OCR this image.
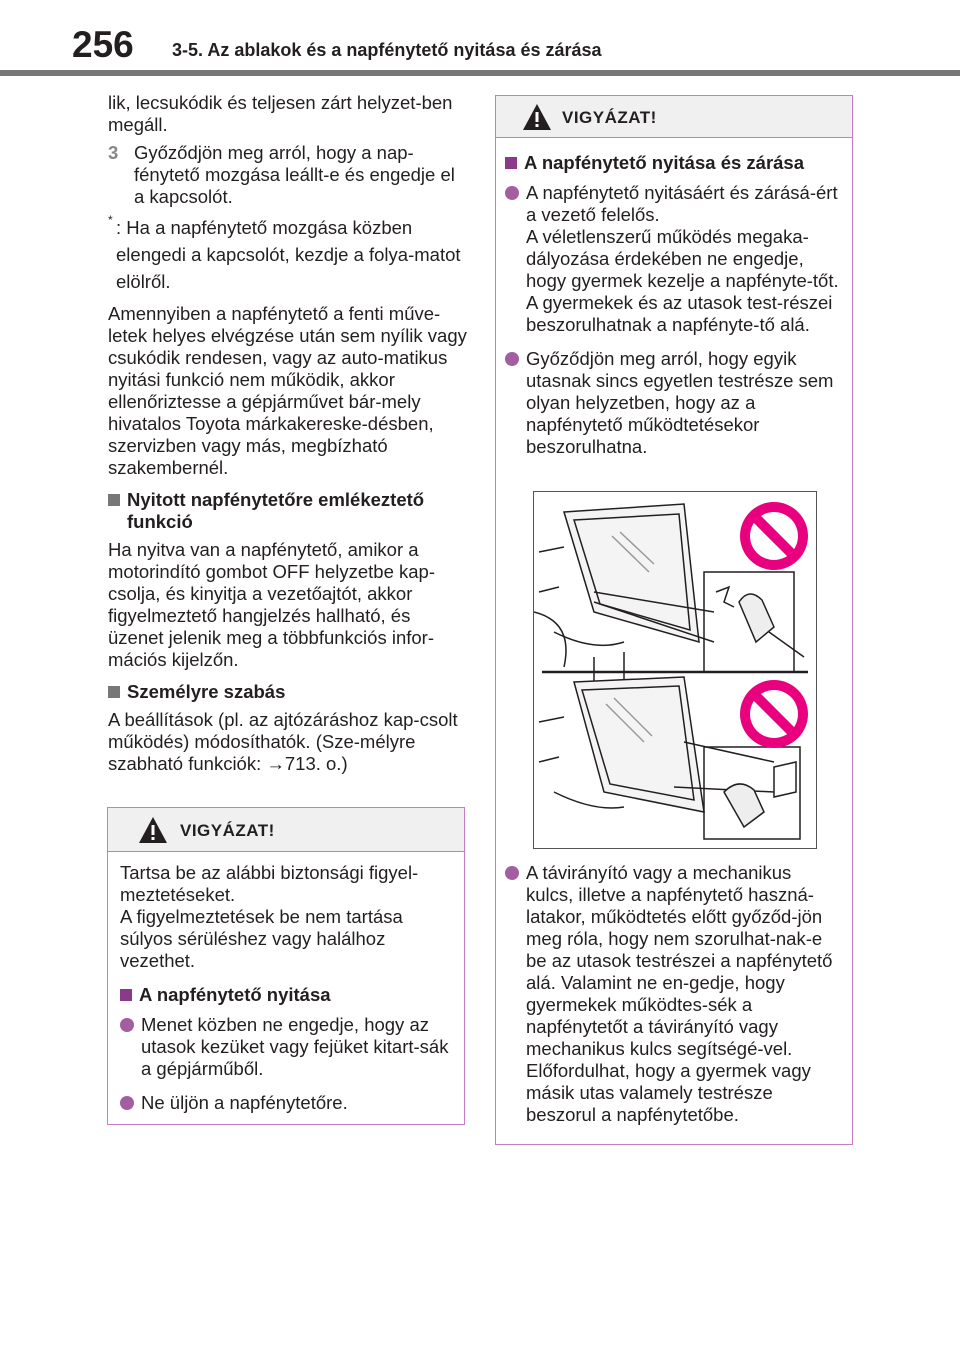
256 3-5. Az ablakok és a napfénytető nyitása és zárása

lik, lecsukódik és teljesen zárt helyzet-ben megáll.

3 Győződjön meg arról, hogy a nap-fénytető mozgása leállt-e és engedje el a kapcsolót.
* : Ha a napfénytető mozgása közben elengedi a kapcsolót, kezdje a folya-matot elölről.

Amennyiben a napfénytető a fenti műve-letek helyes elvégzése után sem nyílik vagy csukódik rendesen, vagy az auto-matikus nyitási funkció nem működik, akkor ellenőriztesse a gépjárművet bár-mely hivatalos Toyota márkakereske-désben, szervizben vagy más, megbízható szakembernél.

Nyitott napfénytetőre emlékeztető funkció

Ha nyitva van a napfénytető, amikor a motorindító gombot OFF helyzetbe kap-csolja, és kinyitja a vezetőajtót, akkor figyelmeztető hangjelzés hallható, és üzenet jelenik meg a többfunkciós infor-mációs kijelzőn.

Személyre szabás

A beállítások (pl. az ajtózáráshoz kap-csolt működés) módosíthatók. (Sze-mélyre szabható funkciók: →713. o.)

VIGYÁZAT!

Tartsa be az alábbi biztonsági figyel-meztetéseket.
A figyelmeztetések be nem tartása súlyos sérüléshez vagy halálhoz vezethet.

A napfénytető nyitása
Menet közben ne engedje, hogy az utasok kezüket vagy fejüket kitart-sák a gépjárműből.
Ne üljön a napfénytetőre.
VIGYÁZAT!
A napfénytető nyitása és zárása
A napfénytető nyitásáért és zárásá-ért a vezető felelős.
A véletlenszerű működés megaka-dályozása érdekében ne engedje, hogy gyermek kezelje a napfényte-tőt. A gyermekek és az utasok test-részei beszorulhatnak a napfényte-tő alá.
Győződjön meg arról, hogy egyik utasnak sincs egyetlen testrésze sem olyan helyzetben, hogy az a napfénytető működtetésekor beszorulhatna.
A távirányító vagy a mechanikus kulcs, illetve a napfénytető haszná-latakor, működtetés előtt győződ-jön meg róla, hogy nem szorulhat-nak-e be az utasok testrészei a napfénytető alá. Valamint ne en-gedje, hogy gyermekek működtes-sék a napfénytetőt a távirányító vagy mechanikus kulcs segítségé-vel. Előfordulhat, hogy a gyermek vagy másik utas valamely testrésze beszorul a napfénytetőbe.
